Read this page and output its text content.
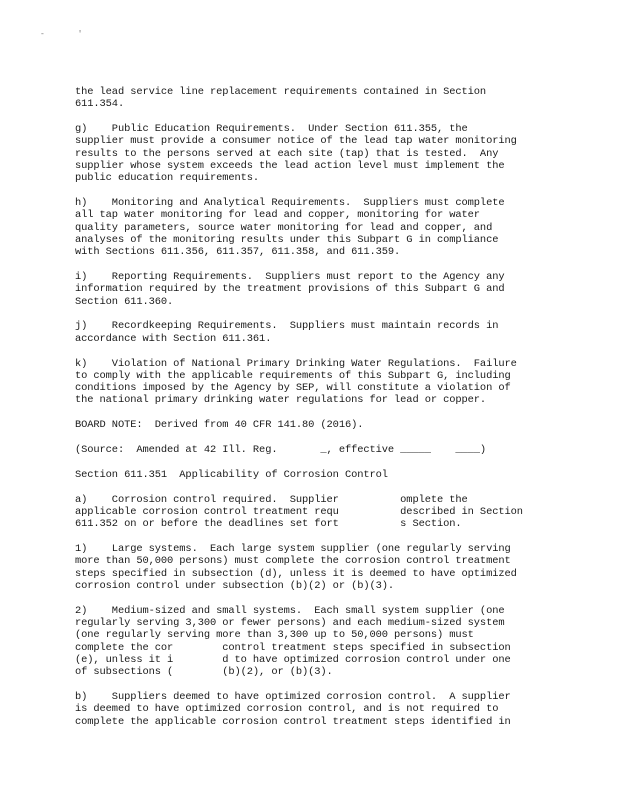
-	'
the lead service line replacement requirements contained in Section
611.354.
g)    Public Education Requirements.  Under Section 611.355, the
supplier must provide a consumer notice of the lead tap water monitoring
results to the persons served at each site (tap) that is tested.  Any
supplier whose system exceeds the lead action level must implement the
public education requirements.
h)    Monitoring and Analytical Requirements.  Suppliers must complete
all tap water monitoring for lead and copper, monitoring for water
quality parameters, source water monitoring for lead and copper, and
analyses of the monitoring results under this Subpart G in compliance
with Sections 611.356, 611.357, 611.358, and 611.359.
i)    Reporting Requirements.  Suppliers must report to the Agency any
information required by the treatment provisions of this Subpart G and
Section 611.360.
j)    Recordkeeping Requirements.  Suppliers must maintain records in
accordance with Section 611.361.
k)    Violation of National Primary Drinking Water Regulations.  Failure
to comply with the applicable requirements of this Subpart G, including
conditions imposed by the Agency by SEP, will constitute a violation of
the national primary drinking water regulations for lead or copper.
BOARD NOTE:  Derived from 40 CFR 141.80 (2016).
(Source:  Amended at 42 Ill. Reg.       _, effective _____    ____)
Section 611.351  Applicability of Corrosion Control
a)    Corrosion control required.  Supplier          omplete the
applicable corrosion control treatment requ          described in Section
611.352 on or before the deadlines set fort          s Section.
1)    Large systems.  Each large system supplier (one regularly serving
more than 50,000 persons) must complete the corrosion control treatment
steps specified in subsection (d), unless it is deemed to have optimized
corrosion control under subsection (b)(2) or (b)(3).
2)    Medium-sized and small systems.  Each small system supplier (one
regularly serving 3,300 or fewer persons) and each medium-sized system
(one regularly serving more than 3,300 up to 50,000 persons) must
complete the cor        control treatment steps specified in subsection
(e), unless it i        d to have optimized corrosion control under one
of subsections (        (b)(2), or (b)(3).
b)    Suppliers deemed to have optimized corrosion control.  A supplier
is deemed to have optimized corrosion control, and is not required to
complete the applicable corrosion control treatment steps identified in
